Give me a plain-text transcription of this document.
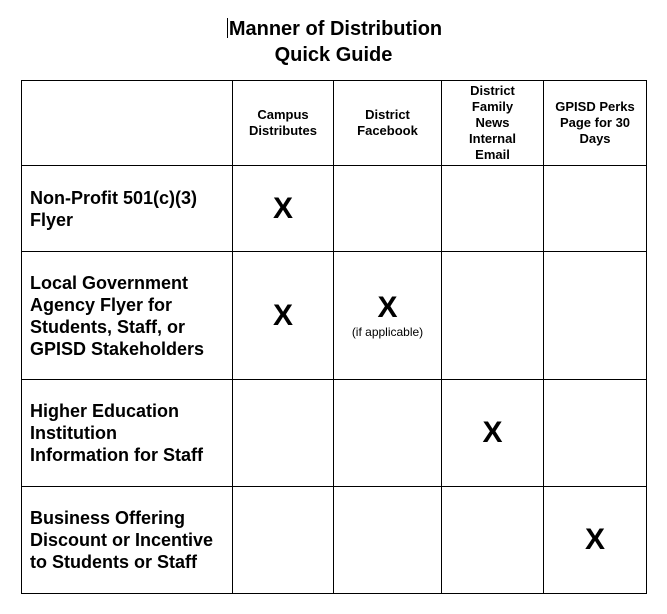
Manner of Distribution
Quick Guide
	Campus Distributes	District Facebook	District Family News Internal Email	GPISD Perks Page for 30 Days
Non-Profit 501(c)(3) Flyer	X			

Local Government Agency Flyer for Students, Staff, or GPISD Stakeholders	X	X
(if applicable)		

Higher Education Institution Information for Staff			X	

Business Offering Discount or Incentive to Students or Staff				X
